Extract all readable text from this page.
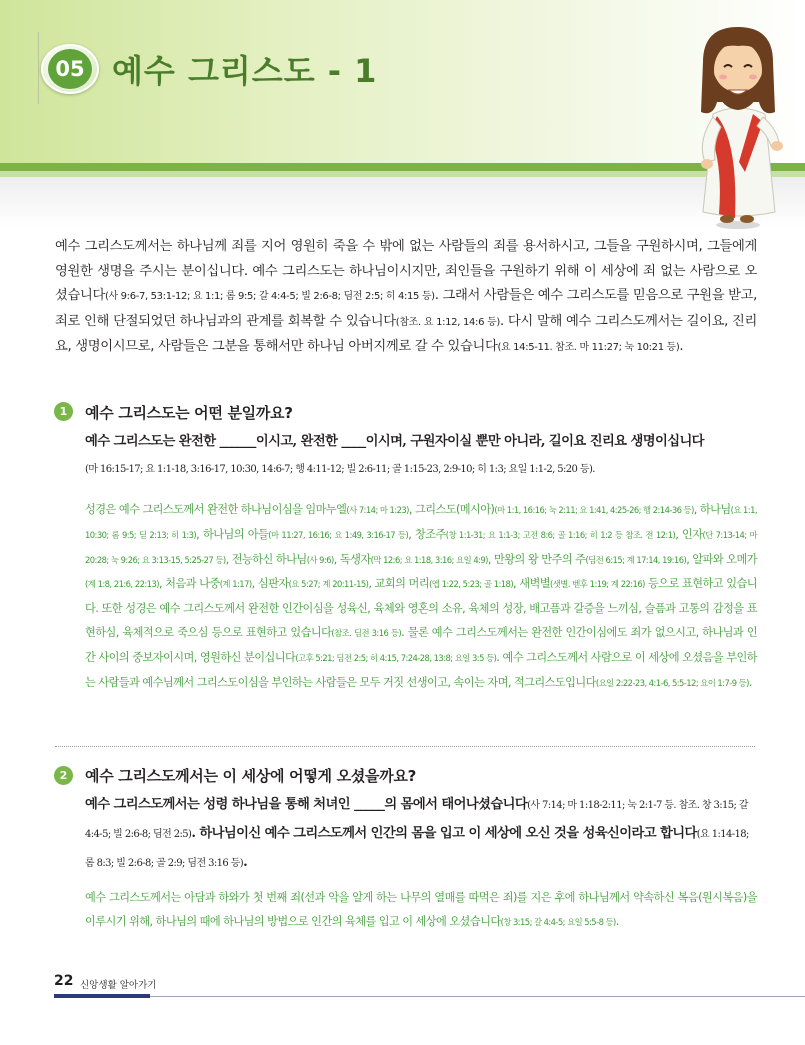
05 예수 그리스도 - 1

예수 그리스도께서는 하나님께 죄를 지어 영원히 죽을 수 밖에 없는 사람들의 죄를 용서하시고, 그들을 구원하시며, 그들에게 영원한 생명을 주시는 분이십니다. 예수 그리스도는 하나님이시지만, 죄인들을 구원하기 위해 이 세상에 죄 없는 사람으로 오셨습니다(사 9:6-7, 53:1-12; 요 1:1; 롬 9:5; 갈 4:4-5; 빌 2:6-8; 딤전 2:5; 히 4:15 등). 그래서 사람들은 예수 그리스도를 믿음으로 구원을 받고, 죄로 인해 단절되었던 하나님과의 관계를 회복할 수 있습니다(참조. 요 1:12, 14:6 등). 다시 말해 예수 그리스도께서는 길이요, 진리요, 생명이시므로, 사람들은 그분을 통해서만 하나님 아버지께로 갈 수 있습니다(요 14:5-11. 참조. 마 11:27; 눅 10:21 등).

1	예수 그리스도는 어떤 분일까요?
예수 그리스도는 완전한 ______이시고, 완전한 ____이시며, 구원자이실 뿐만 아니라, 길이요 진리요 생명이십니다
(마 16:15-17; 요 1:1-18, 3:16-17, 10:30, 14:6-7; 행 4:11-12; 빌 2:6-11; 골 1:15-23, 2:9-10; 히 1:3; 요일 1:1-2, 5:20 등).

성경은 예수 그리스도께서 완전한 하나님이심을 임마누엘(사 7:14; 마 1:23), 그리스도(메시아)(마 1:1, 16:16; 눅 2:11; 요 1:41, 4:25-26; 행 2:14-36 등), 하나님(요 1:1, 10:30; 롬 9:5; 딛 2:13; 히 1:3), 하나님의 아들(마 11:27, 16:16; 요 1:49, 3:16-17 등), 창조주(창 1:1-31; 요 1:1-3; 고전 8:6; 골 1:16; 히 1:2 등 참조. 전 12:1), 인자(단 7:13-14; 마 20:28; 눅 9:26; 요 3:13-15, 5:25-27 등), 전능하신 하나님(사 9:6), 독생자(막 12:6; 요 1:18, 3:16; 요일 4:9), 만왕의 왕 만주의 주(딤전 6:15; 계 17:14, 19:16), 알파와 오메가(계 1:8, 21:6, 22:13), 처음과 나중(계 1:17), 심판자(요 5:27; 계 20:11-15), 교회의 머리(엡 1:22, 5:23; 골 1:18), 새벽별(샛별. 벧후 1:19; 계 22:16) 등으로 표현하고 있습니다. 또한 성경은 예수 그리스도께서 완전한 인간이심을 성육신, 육체와 영혼의 소유, 육체의 성장, 배고픔과 갈증을 느끼심, 슬픔과 고통의 감정을 표현하심, 육체적으로 죽으심 등으로 표현하고 있습니다(참조. 딤전 3:16 등). 물론 예수 그리스도께서는 완전한 인간이심에도 죄가 없으시고, 하나님과 인간 사이의 중보자이시며, 영원하신 분이십니다(고후 5:21; 딤전 2:5; 히 4:15, 7:24-28, 13:8; 요일 3:5 등). 예수 그리스도께서 사람으로 이 세상에 오셨음을 부인하는 사람들과 예수님께서 그리스도이심을 부인하는 사람들은 모두 거짓 선생이고, 속이는 자며, 적그리스도입니다(요일 2:22-23, 4:1-6, 5:5-12; 요이 1:7-9 등).

2	예수 그리스도께서는 이 세상에 어떻게 오셨을까요?

예수 그리스도께서는 성령 하나님을 통해 처녀인 _____의 몸에서 태어나셨습니다(사 7:14; 마 1:18-2:11; 눅 2:1-7 등. 참조. 창 3:15; 갈 4:4-5; 빌 2:6-8; 딤전 2:5). 하나님이신 예수 그리스도께서 인간의 몸을 입고 이 세상에 오신 것을 성육신이라고 합니다(요 1:14-18; 롬 8:3; 빌 2:6-8; 골 2:9; 딤전 3:16 등).

예수 그리스도께서는 아담과 하와가 첫 번째 죄(선과 악을 알게 하는 나무의 열매를 따먹은 죄)를 지은 후에 하나님께서 약속하신 복음(원시복음)을 이루시기 위해, 하나님의 때에 하나님의 방법으로 인간의 육체를 입고 이 세상에 오셨습니다(창 3:15; 갈 4:4-5; 요일 5:5-8 등).

22 신앙생활 알아가기
